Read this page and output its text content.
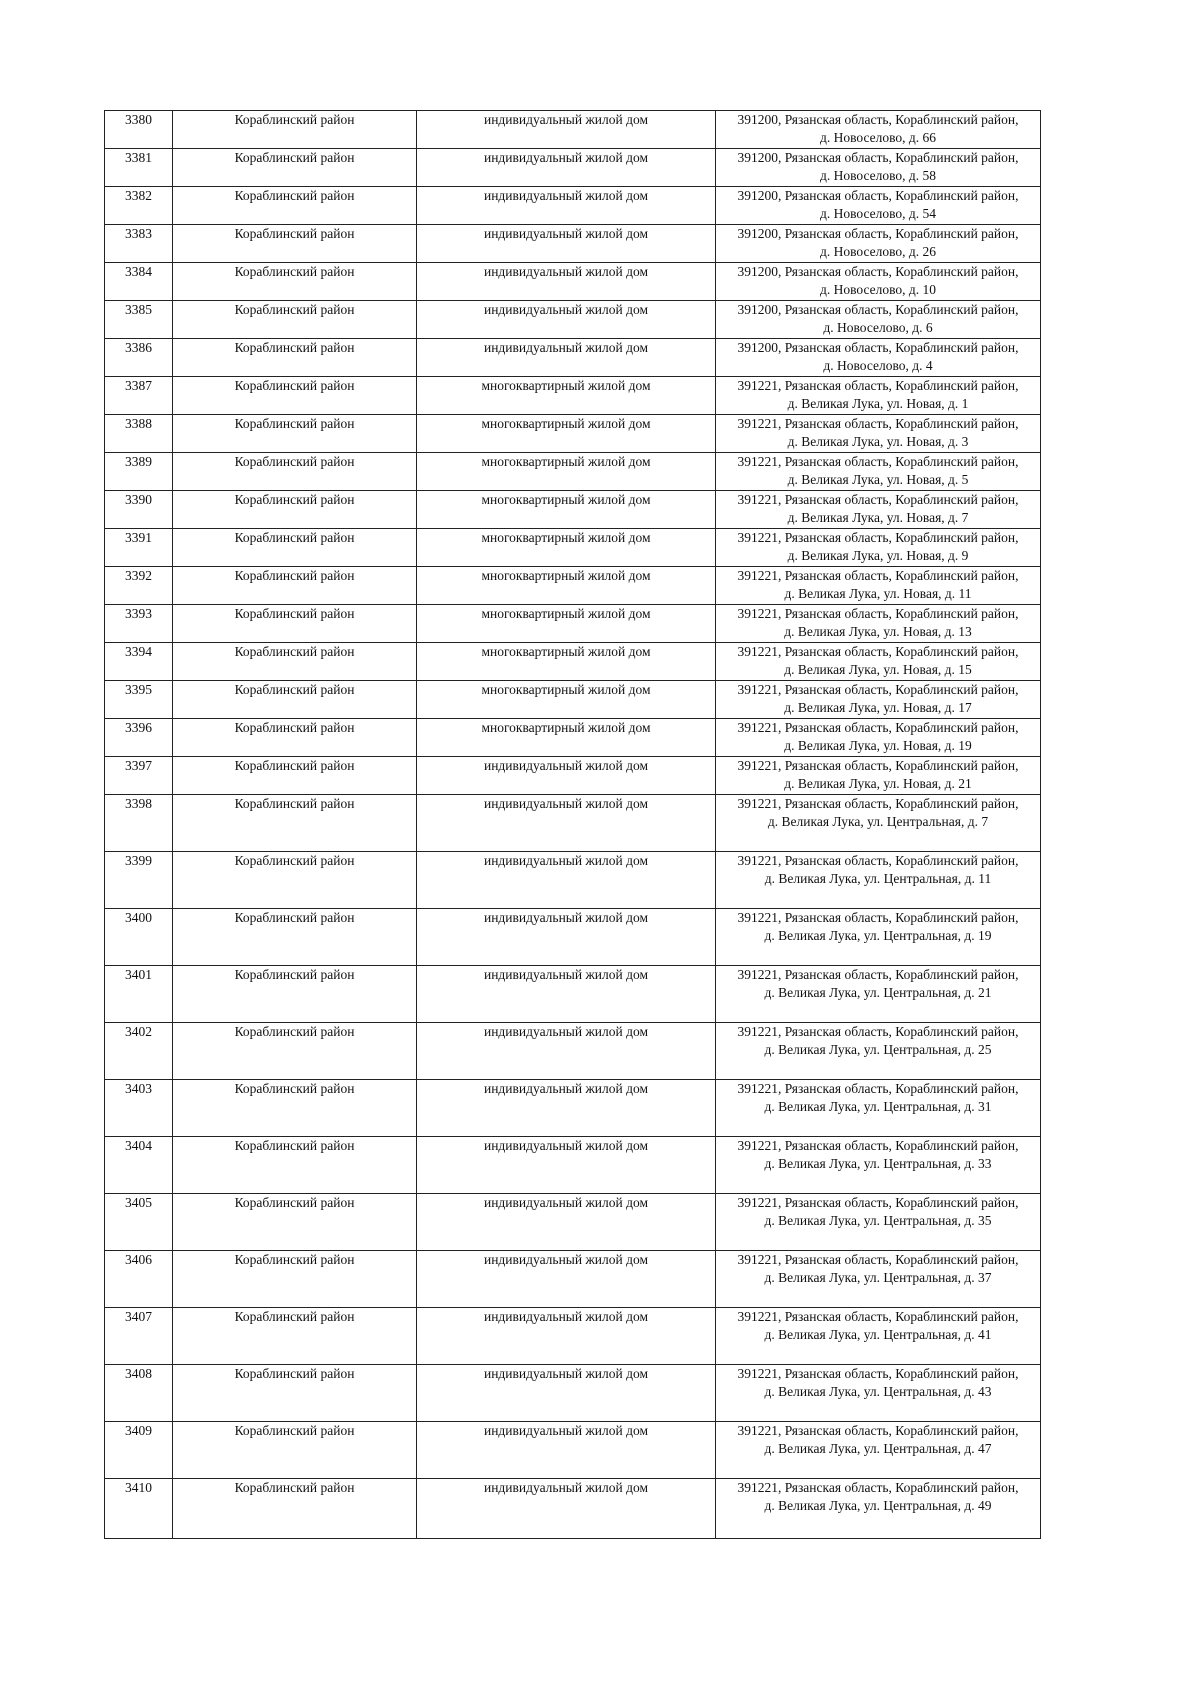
3380	Кораблинский район	индивидуальный жилой дом	391200, Рязанская область, Кораблинский район,
д. Новоселово, д. 66

3381	Кораблинский район	индивидуальный жилой дом	391200, Рязанская область, Кораблинский район,
д. Новоселово, д. 58

3382	Кораблинский район	индивидуальный жилой дом	391200, Рязанская область, Кораблинский район,
д. Новоселово, д. 54

3383	Кораблинский район	индивидуальный жилой дом	391200, Рязанская область, Кораблинский район,
д. Новоселово, д. 26

3384	Кораблинский район	индивидуальный жилой дом	391200, Рязанская область, Кораблинский район,
д. Новоселово, д. 10

3385	Кораблинский район	индивидуальный жилой дом	391200, Рязанская область, Кораблинский район,
д. Новоселово, д. 6

3386	Кораблинский район	индивидуальный жилой дом	391200, Рязанская область, Кораблинский район,
д. Новоселово, д. 4

3387	Кораблинский район	многоквартирный жилой дом	391221, Рязанская область, Кораблинский район,
д. Великая Лука, ул. Новая, д. 1

3388	Кораблинский район	многоквартирный жилой дом	391221, Рязанская область, Кораблинский район,
д. Великая Лука, ул. Новая, д. 3

3389	Кораблинский район	многоквартирный жилой дом	391221, Рязанская область, Кораблинский район,
д. Великая Лука, ул. Новая, д. 5

3390	Кораблинский район	многоквартирный жилой дом	391221, Рязанская область, Кораблинский район,
д. Великая Лука, ул. Новая, д. 7

3391	Кораблинский район	многоквартирный жилой дом	391221, Рязанская область, Кораблинский район,
д. Великая Лука, ул. Новая, д. 9

3392	Кораблинский район	многоквартирный жилой дом	391221, Рязанская область, Кораблинский район,
д. Великая Лука, ул. Новая, д. 11

3393	Кораблинский район	многоквартирный жилой дом	391221, Рязанская область, Кораблинский район,
д. Великая Лука, ул. Новая, д. 13

3394	Кораблинский район	многоквартирный жилой дом	391221, Рязанская область, Кораблинский район,
д. Великая Лука, ул. Новая, д. 15

3395	Кораблинский район	многоквартирный жилой дом	391221, Рязанская область, Кораблинский район,
д. Великая Лука, ул. Новая, д. 17

3396	Кораблинский район	многоквартирный жилой дом	391221, Рязанская область, Кораблинский район,
д. Великая Лука, ул. Новая, д. 19

3397	Кораблинский район	индивидуальный жилой дом	391221, Рязанская область, Кораблинский район,
д. Великая Лука, ул. Новая, д. 21

3398	Кораблинский район	индивидуальный жилой дом	391221, Рязанская область, Кораблинский район,
д. Великая Лука, ул. Центральная, д. 7

3399	Кораблинский район	индивидуальный жилой дом	391221, Рязанская область, Кораблинский район,
д. Великая Лука, ул. Центральная, д. 11

3400	Кораблинский район	индивидуальный жилой дом	391221, Рязанская область, Кораблинский район,
д. Великая Лука, ул. Центральная, д. 19

3401	Кораблинский район	индивидуальный жилой дом	391221, Рязанская область, Кораблинский район,
д. Великая Лука, ул. Центральная, д. 21

3402	Кораблинский район	индивидуальный жилой дом	391221, Рязанская область, Кораблинский район,
д. Великая Лука, ул. Центральная, д. 25

3403	Кораблинский район	индивидуальный жилой дом	391221, Рязанская область, Кораблинский район,
д. Великая Лука, ул. Центральная, д. 31

3404	Кораблинский район	индивидуальный жилой дом	391221, Рязанская область, Кораблинский район,
д. Великая Лука, ул. Центральная, д. 33

3405	Кораблинский район	индивидуальный жилой дом	391221, Рязанская область, Кораблинский район,
д. Великая Лука, ул. Центральная, д. 35

3406	Кораблинский район	индивидуальный жилой дом	391221, Рязанская область, Кораблинский район,
д. Великая Лука, ул. Центральная, д. 37

3407	Кораблинский район	индивидуальный жилой дом	391221, Рязанская область, Кораблинский район,
д. Великая Лука, ул. Центральная, д. 41

3408	Кораблинский район	индивидуальный жилой дом	391221, Рязанская область, Кораблинский район,
д. Великая Лука, ул. Центральная, д. 43

3409	Кораблинский район	индивидуальный жилой дом	391221, Рязанская область, Кораблинский район,
д. Великая Лука, ул. Центральная, д. 47

3410	Кораблинский район	индивидуальный жилой дом	391221, Рязанская область, Кораблинский район,
д. Великая Лука, ул. Центральная, д. 49
